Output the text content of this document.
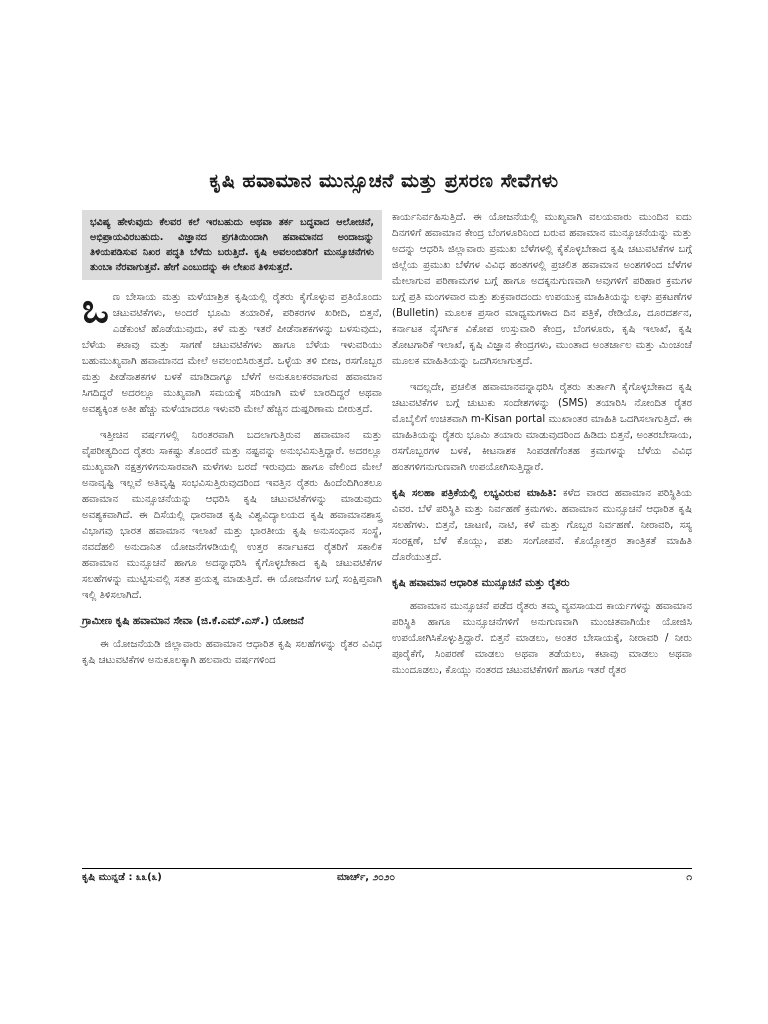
ಕೃಷಿ ಹವಾಮಾನ ಮುನ್ಸೂಚನೆ ಮತ್ತು ಪ್ರಸರಣ ಸೇವೆಗಳು
ಭವಿಷ್ಯ ಹೇಳುವುದು ಕೆಲವರ ಕಲೆ ಇರಬಹುದು ಅಥವಾ ತರ್ಕ ಬದ್ಧವಾದ ಆಲೋಚನೆ, ಅಭಿಪ್ರಾಯವಿರಬಹುದು. ವಿಜ್ಞಾನದ ಪ್ರಗತಿಯಿಂದಾಗಿ ಹವಾಮಾನದ ಅಂದಾಜನ್ನು ತಿಳಿಯಪಡಿಸುವ ನಿಖರ ಪದ್ಧತಿ ಬೆಳೆದು ಬರುತ್ತಿದೆ. ಕೃಷಿ ಅವಲಂಬಿತರಿಗೆ ಮುನ್ಸೂಚನೆಗಳು ತುಂಬಾ ನೆರವಾಗುತ್ತವೆ. ಹೇಗೆ ಎಂಬುದನ್ನು ಈ ಲೇಖನ ತಿಳಿಸುತ್ತದೆ.

ಒಣ ಬೇಸಾಯ ಮತ್ತು ಮಳೆಯಾಶ್ರಿತ ಕೃಷಿಯಲ್ಲಿ ರೈತರು ಕೈಗೊಳ್ಳುವ ಪ್ರತಿಯೊಂದು ಚಟುವಟಿಕೆಗಳು, ಅಂದರೆ ಭೂಮಿ ತಯಾರಿಕೆ, ಪರಿಕರಗಳ ಖರೀದಿ, ಬಿತ್ತನೆ, ಎಡೆಕುಂಟೆ ಹೊಡೆಯುವುದು, ಕಳೆ ಮತ್ತು ಇತರೆ ಪೀಡೆನಾಶಕಗಳನ್ನು ಬಳಸುವುದು, ಬೆಳೆಯ ಕಟಾವು ಮತ್ತು ಸಾಗಣೆ ಚಟುವಟಿಕೆಗಳು ಹಾಗೂ ಬೆಳೆಯ ಇಳುವರಿಯು ಬಹುಮುಖ್ಯವಾಗಿ ಹವಾಮಾನದ ಮೇಲೆ ಅವಲಂಬಿಸಿರುತ್ತದೆ. ಒಳ್ಳೆಯ ತಳಿ ಬೀಜ, ರಸಗೊಬ್ಬರ ಮತ್ತು ಪೀಡೆನಾಶಕಗಳ ಬಳಕೆ ಮಾಡಿದಾಗ್ಯೂ ಬೆಳೆಗೆ ಅನುಕೂಲಕರವಾಗುವ ಹವಾಮಾನ ಸಿಗದಿದ್ದರೆ ಅದರಲ್ಲೂ ಮುಖ್ಯವಾಗಿ ಸಮಯಕ್ಕೆ ಸರಿಯಾಗಿ ಮಳೆ ಬಾರದಿದ್ದರೆ ಅಥವಾ ಅವಶ್ಯಕ್ಕಿಂತ ಅತೀ ಹೆಚ್ಚು ಮಳೆಯಾದರೂ ಇಳುವರಿ ಮೇಲೆ ಹೆಚ್ಚಿನ ದುಷ್ಪರಿಣಾಮ ಬೀರುತ್ತದೆ.

ಇತ್ತೀಚಿನ ವರ್ಷಗಳಲ್ಲಿ ನಿರಂತರವಾಗಿ ಬದಲಾಗುತ್ತಿರುವ ಹವಾಮಾನ ಮತ್ತು ವೈಪರೀತ್ಯದಿಂದ ರೈತರು ಸಾಕಷ್ಟು ತೊಂದರೆ ಮತ್ತು ನಷ್ಟವನ್ನು ಅನುಭವಿಸುತ್ತಿದ್ದಾರೆ. ಅದರಲ್ಲೂ ಮುಖ್ಯವಾಗಿ ನಕ್ಷತ್ರಗಳಿಗನುಸಾರವಾಗಿ ಮಳೆಗಳು ಬರದೆ ಇರುವುದು ಹಾಗೂ ವೇಲಿಂದ ಮೇಲೆ ಅನಾವೃಷ್ಟಿ ಇಲ್ಲವೆ ಅತಿವೃಷ್ಟಿ ಸಂಭವಿಸುತ್ತಿರುವುದರಿಂದ ಇವತ್ತಿನ ರೈತರು ಹಿಂದೆಂದಿಗಿಂತಲೂ ಹವಾಮಾನ ಮುನ್ಸೂಚನೆಯನ್ನು ಆಧರಿಸಿ ಕೃಷಿ ಚಟುವಟಿಕೆಗಳನ್ನು ಮಾಡುವುದು ಅವಶ್ಯಕವಾಗಿದೆ. ಈ ದಿಸೆಯಲ್ಲಿ ಧಾರವಾಡ ಕೃಷಿ ವಿಶ್ವವಿದ್ಯಾಲಯದ ಕೃಷಿ ಹವಾಮಾನಶಾಸ್ತ್ರ ವಿಭಾಗವು ಭಾರತ ಹವಾಮಾನ ಇಲಾಖೆ ಮತ್ತು ಭಾರತೀಯ ಕೃಷಿ ಅನುಸಂಧಾನ ಸಂಸ್ಥೆ, ನವದೆಹಲಿ ಅನುದಾನಿತ ಯೋಜನೆಗಳಡಿಯಲ್ಲಿ ಉತ್ತರ ಕರ್ನಾಟಕದ ರೈತರಿಗೆ ಸಕಾಲಿಕ ಹವಾಮಾನ ಮುನ್ಸೂಚನೆ ಹಾಗೂ ಅದನ್ನಾಧರಿಸಿ ಕೈಗೊಳ್ಳಬೇಕಾದ ಕೃಷಿ ಚಟುವಟಿಕೆಗಳ ಸಲಹೆಗಳನ್ನು ಮುಟ್ಟಿಸುವಲ್ಲಿ ಸತತ ಪ್ರಯತ್ನ ಮಾಡುತ್ತಿದೆ. ಈ ಯೋಜನೆಗಳ ಬಗ್ಗೆ ಸಂಕ್ಷಿಪ್ತವಾಗಿ ಇಲ್ಲಿ ತಿಳಿಸಲಾಗಿದೆ.

ಗ್ರಾಮೀಣ ಕೃಷಿ ಹವಾಮಾನ ಸೇವಾ (ಜಿ.ಕೆ.ಎಮ್.ಎಸ್.) ಯೋಜನೆ

ಈ ಯೋಜನೆಯಡಿ ಜಿಲ್ಲಾವಾರು ಹವಾಮಾನ ಆಧಾರಿತ ಕೃಷಿ ಸಲಹೆಗಳನ್ನು ರೈತರ ವಿವಿಧ ಕೃಷಿ ಚಟುವಟಿಕೆಗಳ ಅನುಕೂಲಕ್ಕಾಗಿ ಹಲವಾರು ವರ್ಷಗಳಿಂದ

ಕಾರ್ಯನಿರ್ವಹಿಸುತ್ತಿದೆ. ಈ ಯೋಜನೆಯಲ್ಲಿ ಮುಖ್ಯವಾಗಿ ವಲಯವಾರು ಮುಂದಿನ ಐದು ದಿನಗಳಿಗೆ ಹವಾಮಾನ ಕೇಂದ್ರ ಬೆಂಗಳೂರಿನಿಂದ ಬರುವ ಹವಾಮಾನ ಮುನ್ಸೂಚನೆಯನ್ನು ಮತ್ತು ಅದನ್ನು ಆಧರಿಸಿ ಜಿಲ್ಲಾವಾರು ಪ್ರಮುಖ ಬೆಳೆಗಳಲ್ಲಿ ಕೈಕೊಳ್ಳಬೇಕಾದ ಕೃಷಿ ಚಟುವಟಿಕೆಗಳ ಬಗ್ಗೆ ಜಿಲ್ಲೆಯ ಪ್ರಮುಖ ಬೆಳೆಗಳ ವಿವಿಧ ಹಂತಗಳಲ್ಲಿ ಪ್ರಚಲಿತ ಹವಾಮಾನ ಅಂಶಗಳಿಂದ ಬೆಳೆಗಳ ಮೇಲಾಗುವ ಪರಿಣಾಮಗಳ ಬಗ್ಗೆ ಹಾಗೂ ಅದಕ್ಕನುಗುಣವಾಗಿ ಅವುಗಳಿಗೆ ಪರಿಹಾರ ಕ್ರಮಗಳ ಬಗ್ಗೆ ಪ್ರತಿ ಮಂಗಳವಾರ ಮತ್ತು ಶುಕ್ರವಾರದಂದು ಉಪಯುಕ್ತ ಮಾಹಿತಿಯನ್ನು ಲಘು ಪ್ರಕಟಣೆಗಳ (Bulletin) ಮೂಲಕ ಪ್ರಸಾರ ಮಾಧ್ಯಮಗಳಾದ ದಿನ ಪತ್ರಿಕೆ, ರೇಡಿಯೊ, ದೂರದರ್ಶನ, ಕರ್ನಾಟಕ ನೈಸರ್ಗಿಕ ವಿಕೋಪ ಉಸ್ತುವಾರಿ ಕೇಂದ್ರ, ಬೆಂಗಳೂರು, ಕೃಷಿ ಇಲಾಖೆ, ಕೃಷಿ ತೋಟಗಾರಿಕೆ ಇಲಾಖೆ, ಕೃಷಿ ವಿಜ್ಞಾನ ಕೇಂದ್ರಗಳು, ಮುಂತಾದ ಅಂತರ್ಜಾಲ ಮತ್ತು ಮಿಂಚಂಚೆ ಮೂಲಕ ಮಾಹಿತಿಯನ್ನು ಒದಗಿಸಲಾಗುತ್ತದೆ.

ಇದಲ್ಲದೇ, ಪ್ರಚಲಿತ ಹವಾಮಾನವನ್ನಾಧರಿಸಿ ರೈತರು ತುರ್ತಾಗಿ ಕೈಗೊಳ್ಳಬೇಕಾದ ಕೃಷಿ ಚಟುವಟಿಕೆಗಳ ಬಗ್ಗೆ ಚುಟುಕು ಸಂದೇಶಗಳನ್ನು (SMS) ತಯಾರಿಸಿ ನೋಂದಿತ ರೈತರ ಮೊಬೈಲಿಗೆ ಉಚಿತವಾಗಿ m-Kisan portal ಮುಖಾಂತರ ಮಾಹಿತಿ ಒದಗಿಸಲಾಗುತ್ತಿದೆ. ಈ ಮಾಹಿತಿಯನ್ನು ರೈತರು ಭೂಮಿ ತಯಾರು ಮಾಡುವುದರಿಂದ ಹಿಡಿದು ಬಿತ್ತನೆ, ಅಂತರಬೇಸಾಯ, ರಸಗೊಬ್ಬರಗಳ ಬಳಕೆ, ಕೀಟನಾಶಕ ಸಿಂಪಡಣೆಗೆಂತಹ ಕ್ರಮಗಳನ್ನು ಬೆಳೆಯ ವಿವಿಧ ಹಂತಗಳಿಗನುಗುಣವಾಗಿ ಉಪಯೋಗಿಸುತ್ತಿದ್ದಾರೆ.

ಕೃಷಿ ಸಲಹಾ ಪತ್ರಿಕೆಯಲ್ಲಿ ಲಭ್ಯವಿರುವ ಮಾಹಿತಿ: ಕಳೆದ ವಾರದ ಹವಾಮಾನ ಪರಿಸ್ಥಿತಿಯ ವಿವರ. ಬೆಳೆ ಪರಿಸ್ಥಿತಿ ಮತ್ತು ನಿರ್ವಹಣೆ ಕ್ರಮಗಳು. ಹವಾಮಾನ ಮುನ್ಸೂಚನೆ ಆಧಾರಿತ ಕೃಷಿ ಸಲಹೆಗಳು. ಬಿತ್ತನೆ, ಚಾಟಣಿ, ನಾಟಿ, ಕಳೆ ಮತ್ತು ಗೊಬ್ಬರ ನಿರ್ವಹಣೆ. ನೀರಾವರಿ, ಸಸ್ಯ ಸಂರಕ್ಷಣೆ, ಬೆಳೆ ಕೊಯ್ಲು, ಪಶು ಸಂಗೋಪನೆ. ಕೊಯ್ಲೋತ್ತರ ತಾಂತ್ರಿಕತೆ ಮಾಹಿತಿ ದೊರೆಯುತ್ತದೆ.

ಕೃಷಿ ಹವಾಮಾನ ಆಧಾರಿತ ಮುನ್ಸೂಚನೆ ಮತ್ತು ರೈತರು

ಹವಾಮಾನ ಮುನ್ಸೂಚನೆ ಪಡೆದ ರೈತರು ತಮ್ಮ ವ್ಯವಸಾಯದ ಕಾರ್ಯಗಳನ್ನು ಹವಾಮಾನ ಪರಿಸ್ಥಿತಿ ಹಾಗೂ ಮುನ್ಸೂಚನೆಗಳಿಗೆ ಅನುಗುಣವಾಗಿ ಮುಂಚಿತವಾಗಿಯೇ ಯೋಜಿಸಿ ಉಪಯೋಗಿಸಿಕೊಳ್ಳುತ್ತಿದ್ದಾರೆ. ಬಿತ್ತನೆ ಮಾಡಲು, ಅಂತರ ಬೇಸಾಯಕ್ಕೆ, ನೀರಾವರಿ / ನೀರು ಪೂರೈಕೆಗೆ, ಸಿಂಪರಣೆ ಮಾಡಲು ಅಥವಾ ತಡೆಯಲು, ಕಟಾವು ಮಾಡಲು ಅಥವಾ ಮುಂದೂಡಲು, ಕೊಯ್ಲು ನಂತರದ ಚಟುವಟಿಕೆಗಳಿಗೆ ಹಾಗೂ ಇತರೆ ರೈತರ

ಕೃಷಿ ಮುನ್ನಡೆ : ೩೩(೩)	ಮಾರ್ಚ್, ೨೦೨೦	೧
